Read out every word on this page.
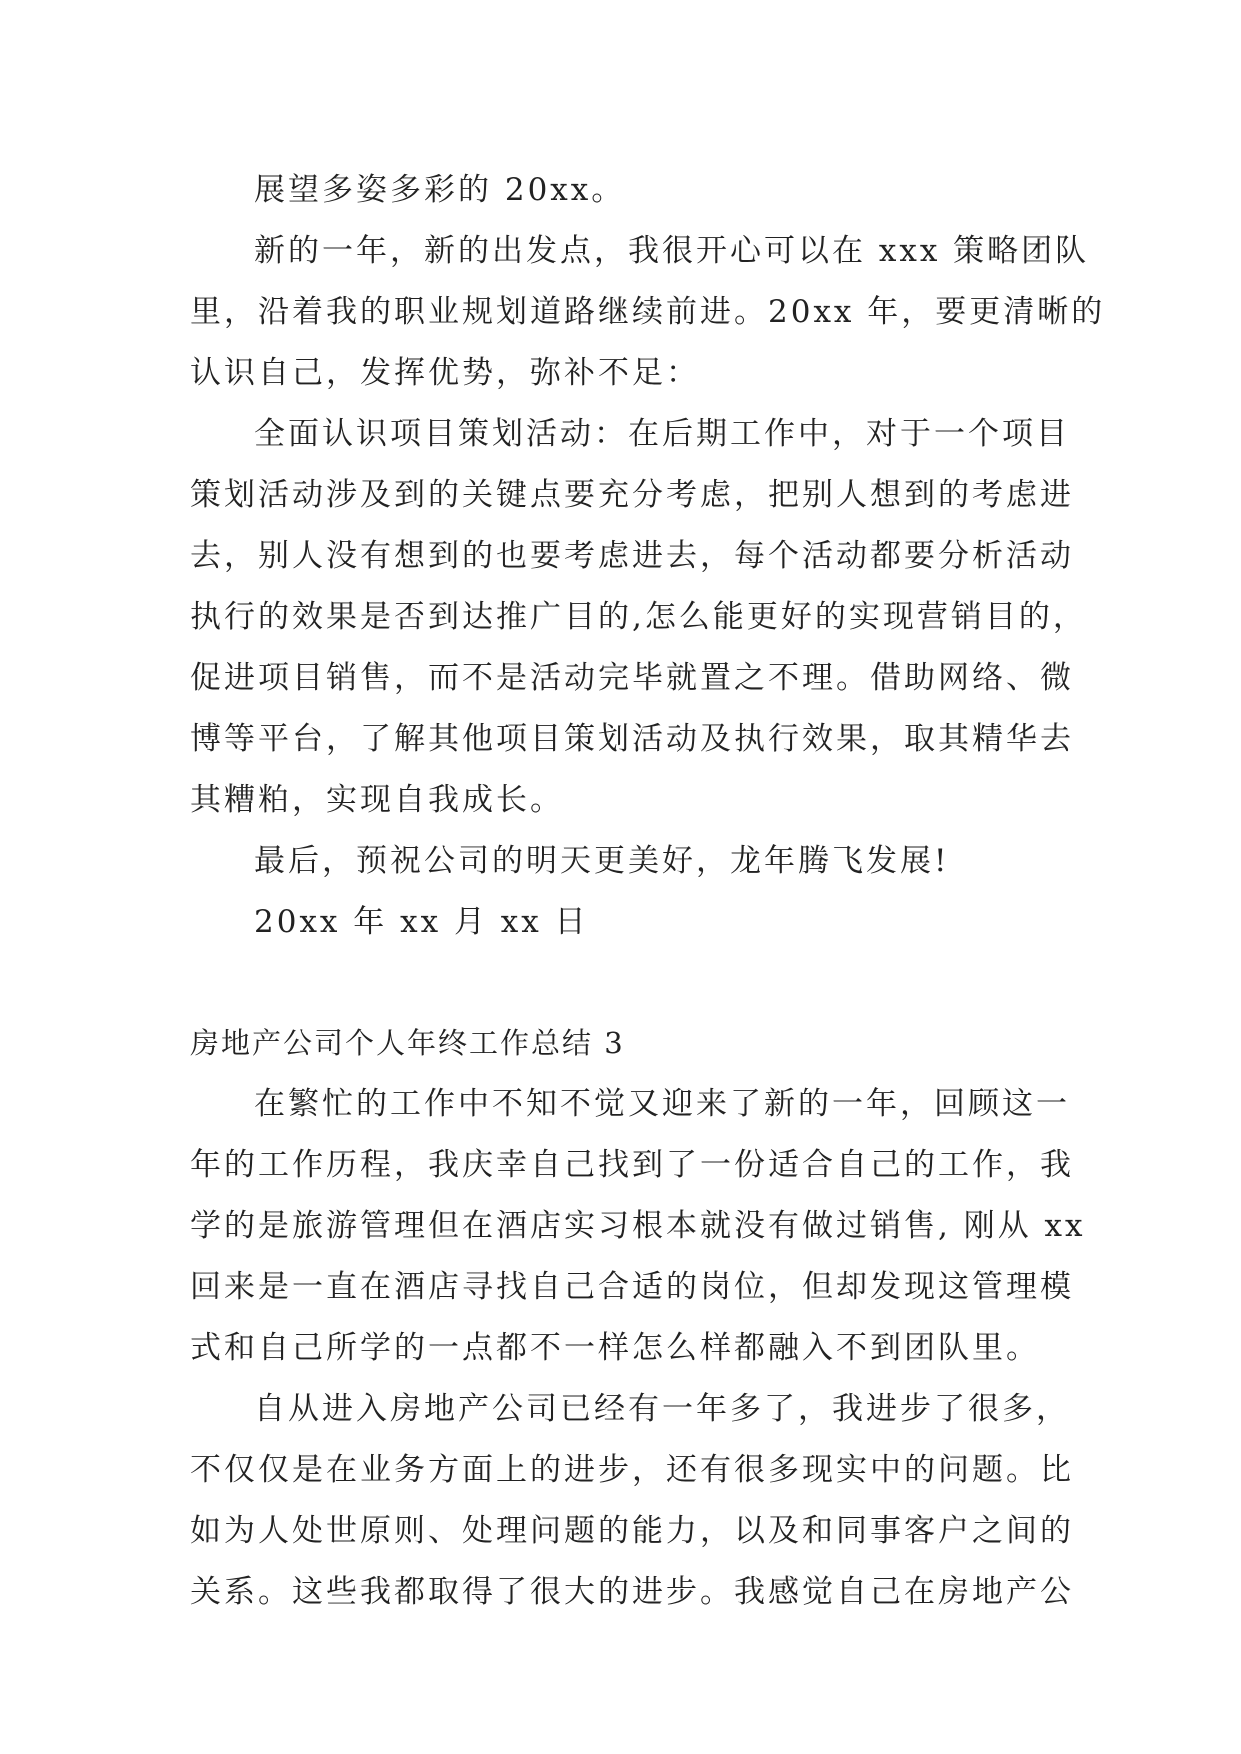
展望多姿多彩的 20xx。
新的一年，新的出发点，我很开心可以在 xxx 策略团队
里，沿着我的职业规划道路继续前进。20xx 年，要更清晰的
认识自己，发挥优势，弥补不足：
全面认识项目策划活动：在后期工作中，对于一个项目
策划活动涉及到的关键点要充分考虑，把别人想到的考虑进
去，别人没有想到的也要考虑进去，每个活动都要分析活动
执行的效果是否到达推广目的,怎么能更好的实现营销目的，
促进项目销售，而不是活动完毕就置之不理。借助网络、微
博等平台，了解其他项目策划活动及执行效果，取其精华去
其糟粕，实现自我成长。
最后，预祝公司的明天更美好，龙年腾飞发展!
20xx 年 xx 月 xx 日
房地产公司个人年终工作总结 3
在繁忙的工作中不知不觉又迎来了新的一年，回顾这一
年的工作历程，我庆幸自己找到了一份适合自己的工作，我
学的是旅游管理但在酒店实习根本就没有做过销售, 刚从 xx
回来是一直在酒店寻找自己合适的岗位，但却发现这管理模
式和自己所学的一点都不一样怎么样都融入不到团队里。
自从进入房地产公司已经有一年多了，我进步了很多，
不仅仅是在业务方面上的进步，还有很多现实中的问题。比
如为人处世原则、处理问题的能力，以及和同事客户之间的
关系。这些我都取得了很大的进步。我感觉自己在房地产公
